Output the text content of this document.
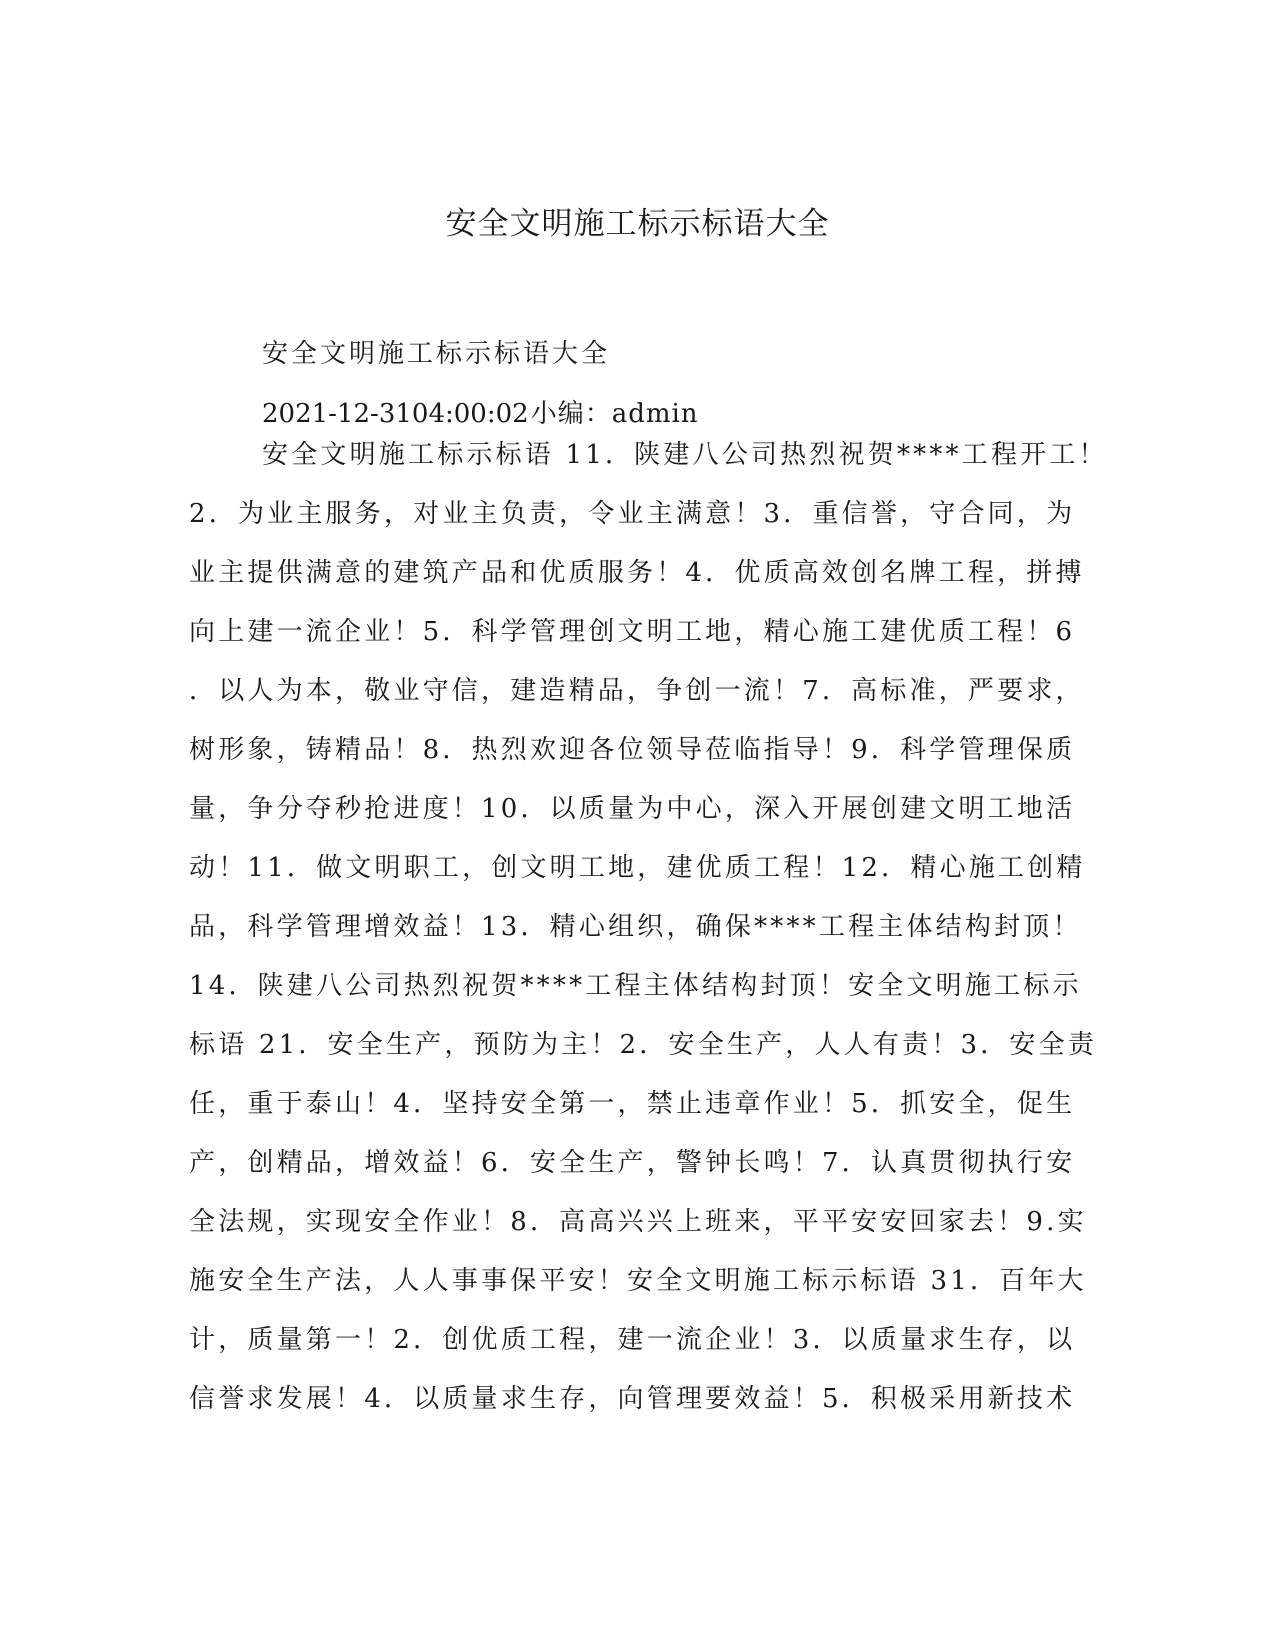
安全文明施工标示标语大全

安全文明施工标示标语大全

2021-12-3104:00:02小编：admin

安全文明施工标示标语 11．陕建八公司热烈祝贺****工程开工！
2．为业主服务，对业主负责，令业主满意！3．重信誉，守合同，为
业主提供满意的建筑产品和优质服务！4．优质高效创名牌工程，拼搏
向上建一流企业！5．科学管理创文明工地，精心施工建优质工程！6
．以人为本，敬业守信，建造精品，争创一流！7．高标准，严要求，
树形象，铸精品！8．热烈欢迎各位领导莅临指导！9．科学管理保质
量，争分夺秒抢进度！10．以质量为中心，深入开展创建文明工地活
动！11．做文明职工，创文明工地，建优质工程！12．精心施工创精
品，科学管理增效益！13．精心组织，确保****工程主体结构封顶！
14．陕建八公司热烈祝贺****工程主体结构封顶！安全文明施工标示
标语 21．安全生产，预防为主！2．安全生产，人人有责！3．安全责
任，重于泰山！4．坚持安全第一，禁止违章作业！5．抓安全，促生
产，创精品，增效益！6．安全生产，警钟长鸣！7．认真贯彻执行安
全法规，实现安全作业！8．高高兴兴上班来，平平安安回家去！9.实
施安全生产法，人人事事保平安！安全文明施工标示标语 31．百年大
计，质量第一！2．创优质工程，建一流企业！3．以质量求生存，以
信誉求发展！4．以质量求生存，向管理要效益！5．积极采用新技术
